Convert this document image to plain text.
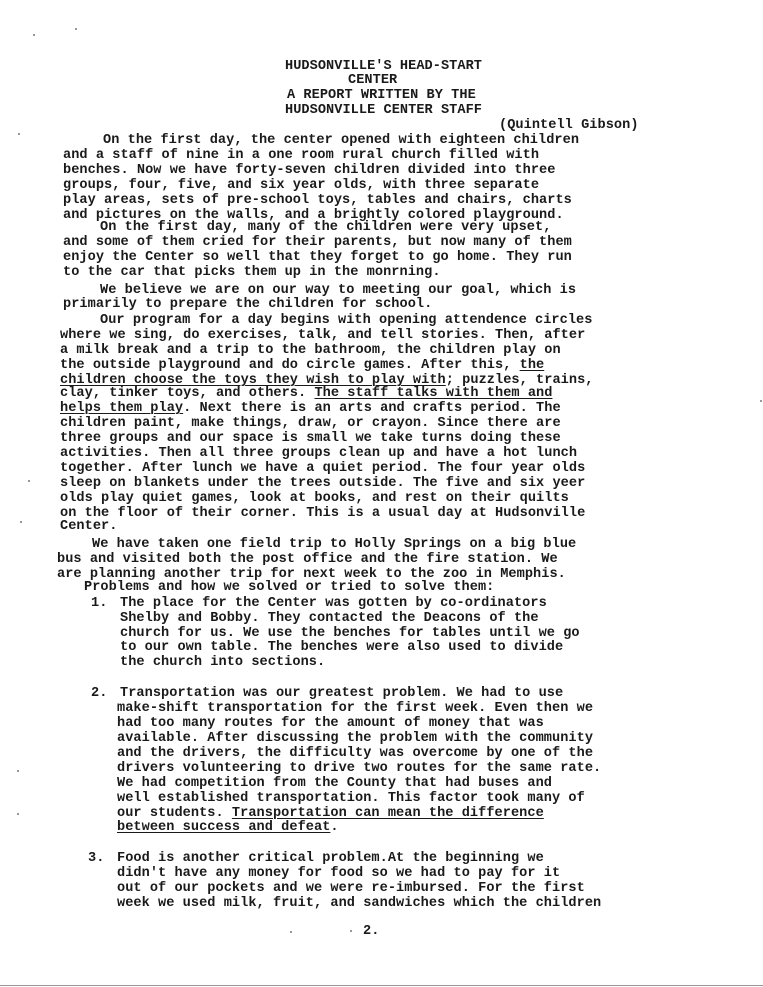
HUDSONVILLE'S HEAD-START
CENTER
A REPORT WRITTEN BY THE
HUDSONVILLE CENTER STAFF
(Quintell Gibson)
On the first day, the center opened with eighteen children
and a staff of nine in a one room rural church filled with
benches. Now we have forty-seven children divided into three
groups, four, five, and six year olds, with three separate
play areas, sets of pre-school toys, tables and chairs, charts
and pictures on the walls, and a brightly colored playground.
On the first day, many of the children were very upset,
and some of them cried for their parents, but now many of them
enjoy the Center so well that they forget to go home. They run
to the car that picks them up in the monrning.
We believe we are on our way to meeting our goal, which is
primarily to prepare the children for school.
Our program for a day begins with opening attendence circles
where we sing, do exercises, talk, and tell stories. Then, after
a milk break and a trip to the bathroom, the children play on
the outside playground and do circle games. After this, the
children choose the toys they wish to play with; puzzles, trains,
clay, tinker toys, and others. The staff talks with them and
helps them play. Next there is an arts and crafts period. The
children paint, make things, draw, or crayon. Since there are
three groups and our space is small we take turns doing these
activities. Then all three groups clean up and have a hot lunch
together. After lunch we have a quiet period. The four year olds
sleep on blankets under the trees outside. The five and six yeer
olds play quiet games, look at books, and rest on their quilts
on the floor of their corner. This is a usual day at Hudsonville
Center.
We have taken one field trip to Holly Springs on a big blue
bus and visited both the post office and the fire station. We
are planning another trip for next week to the zoo in Memphis.
Problems and how we solved or tried to solve them:
1. The place for the Center was gotten by co-ordinators
Shelby and Bobby. They contacted the Deacons of the
church for us. We use the benches for tables until we go
to our own table. The benches were also used to divide
the church into sections.
2. Transportation was our greatest problem. We had to use
make-shift transportation for the first week. Even then we
had too many routes for the amount of money that was
available. After discussing the problem with the community
and the drivers, the difficulty was overcome by one of the
drivers volunteering to drive two routes for the same rate.
We had competition from the County that had buses and
well established transportation. This factor took many of
our students. Transportation can mean the difference
between success and defeat.
3. Food is another critical problem.At the beginning we
didn't have any money for food so we had to pay for it
out of our pockets and we were re-imbursed. For the first
week we used milk, fruit, and sandwiches which the children
2.
